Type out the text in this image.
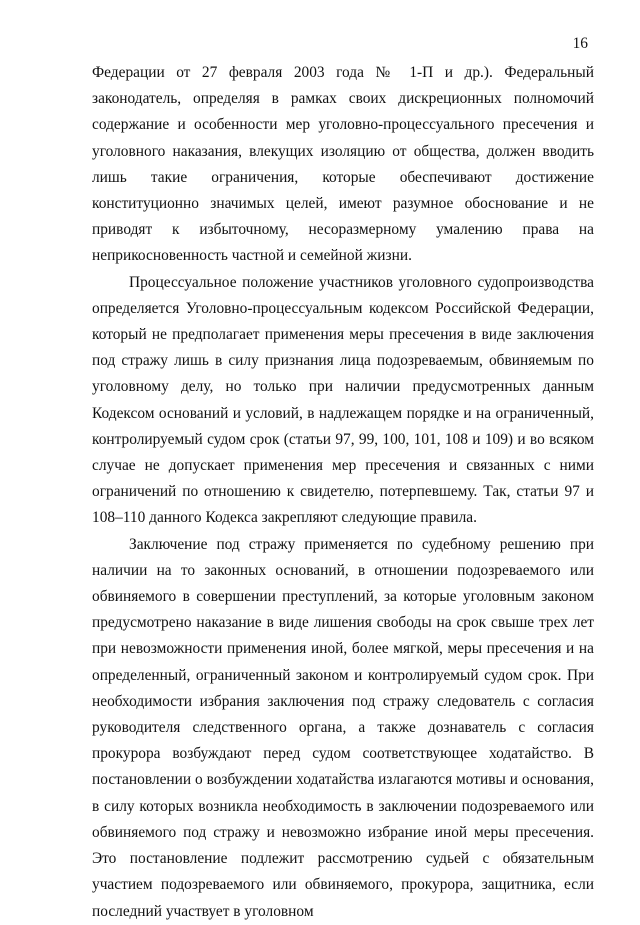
16

Федерации от 27 февраля 2003 года № 1-П и др.). Федеральный законодатель, определяя в рамках своих дискреционных полномочий содержание и особенности мер уголовно-процессуального пресечения и уголовного наказания, влекущих изоляцию от общества, должен вводить лишь такие ограничения, которые обеспечивают достижение конституционно значимых целей, имеют разумное обоснование и не приводят к избыточному, несоразмерному умалению права на неприкосновенность частной и семейной жизни.

Процессуальное положение участников уголовного судопроизводства определяется Уголовно-процессуальным кодексом Российской Федерации, который не предполагает применения меры пресечения в виде заключения под стражу лишь в силу признания лица подозреваемым, обвиняемым по уголовному делу, но только при наличии предусмотренных данным Кодексом оснований и условий, в надлежащем порядке и на ограниченный, контролируемый судом срок (статьи 97, 99, 100, 101, 108 и 109) и во всяком случае не допускает применения мер пресечения и связанных с ними ограничений по отношению к свидетелю, потерпевшему. Так, статьи 97 и 108–110 данного Кодекса закрепляют следующие правила.

Заключение под стражу применяется по судебному решению при наличии на то законных оснований, в отношении подозреваемого или обвиняемого в совершении преступлений, за которые уголовным законом предусмотрено наказание в виде лишения свободы на срок свыше трех лет при невозможности применения иной, более мягкой, меры пресечения и на определенный, ограниченный законом и контролируемый судом срок. При необходимости избрания заключения под стражу следователь с согласия руководителя следственного органа, а также дознаватель с согласия прокурора возбуждают перед судом соответствующее ходатайство. В постановлении о возбуждении ходатайства излагаются мотивы и основания, в силу которых возникла необходимость в заключении подозреваемого или обвиняемого под стражу и невозможно избрание иной меры пресечения. Это постановление подлежит рассмотрению судьей с обязательным участием подозреваемого или обвиняемого, прокурора, защитника, если последний участвует в уголовном
